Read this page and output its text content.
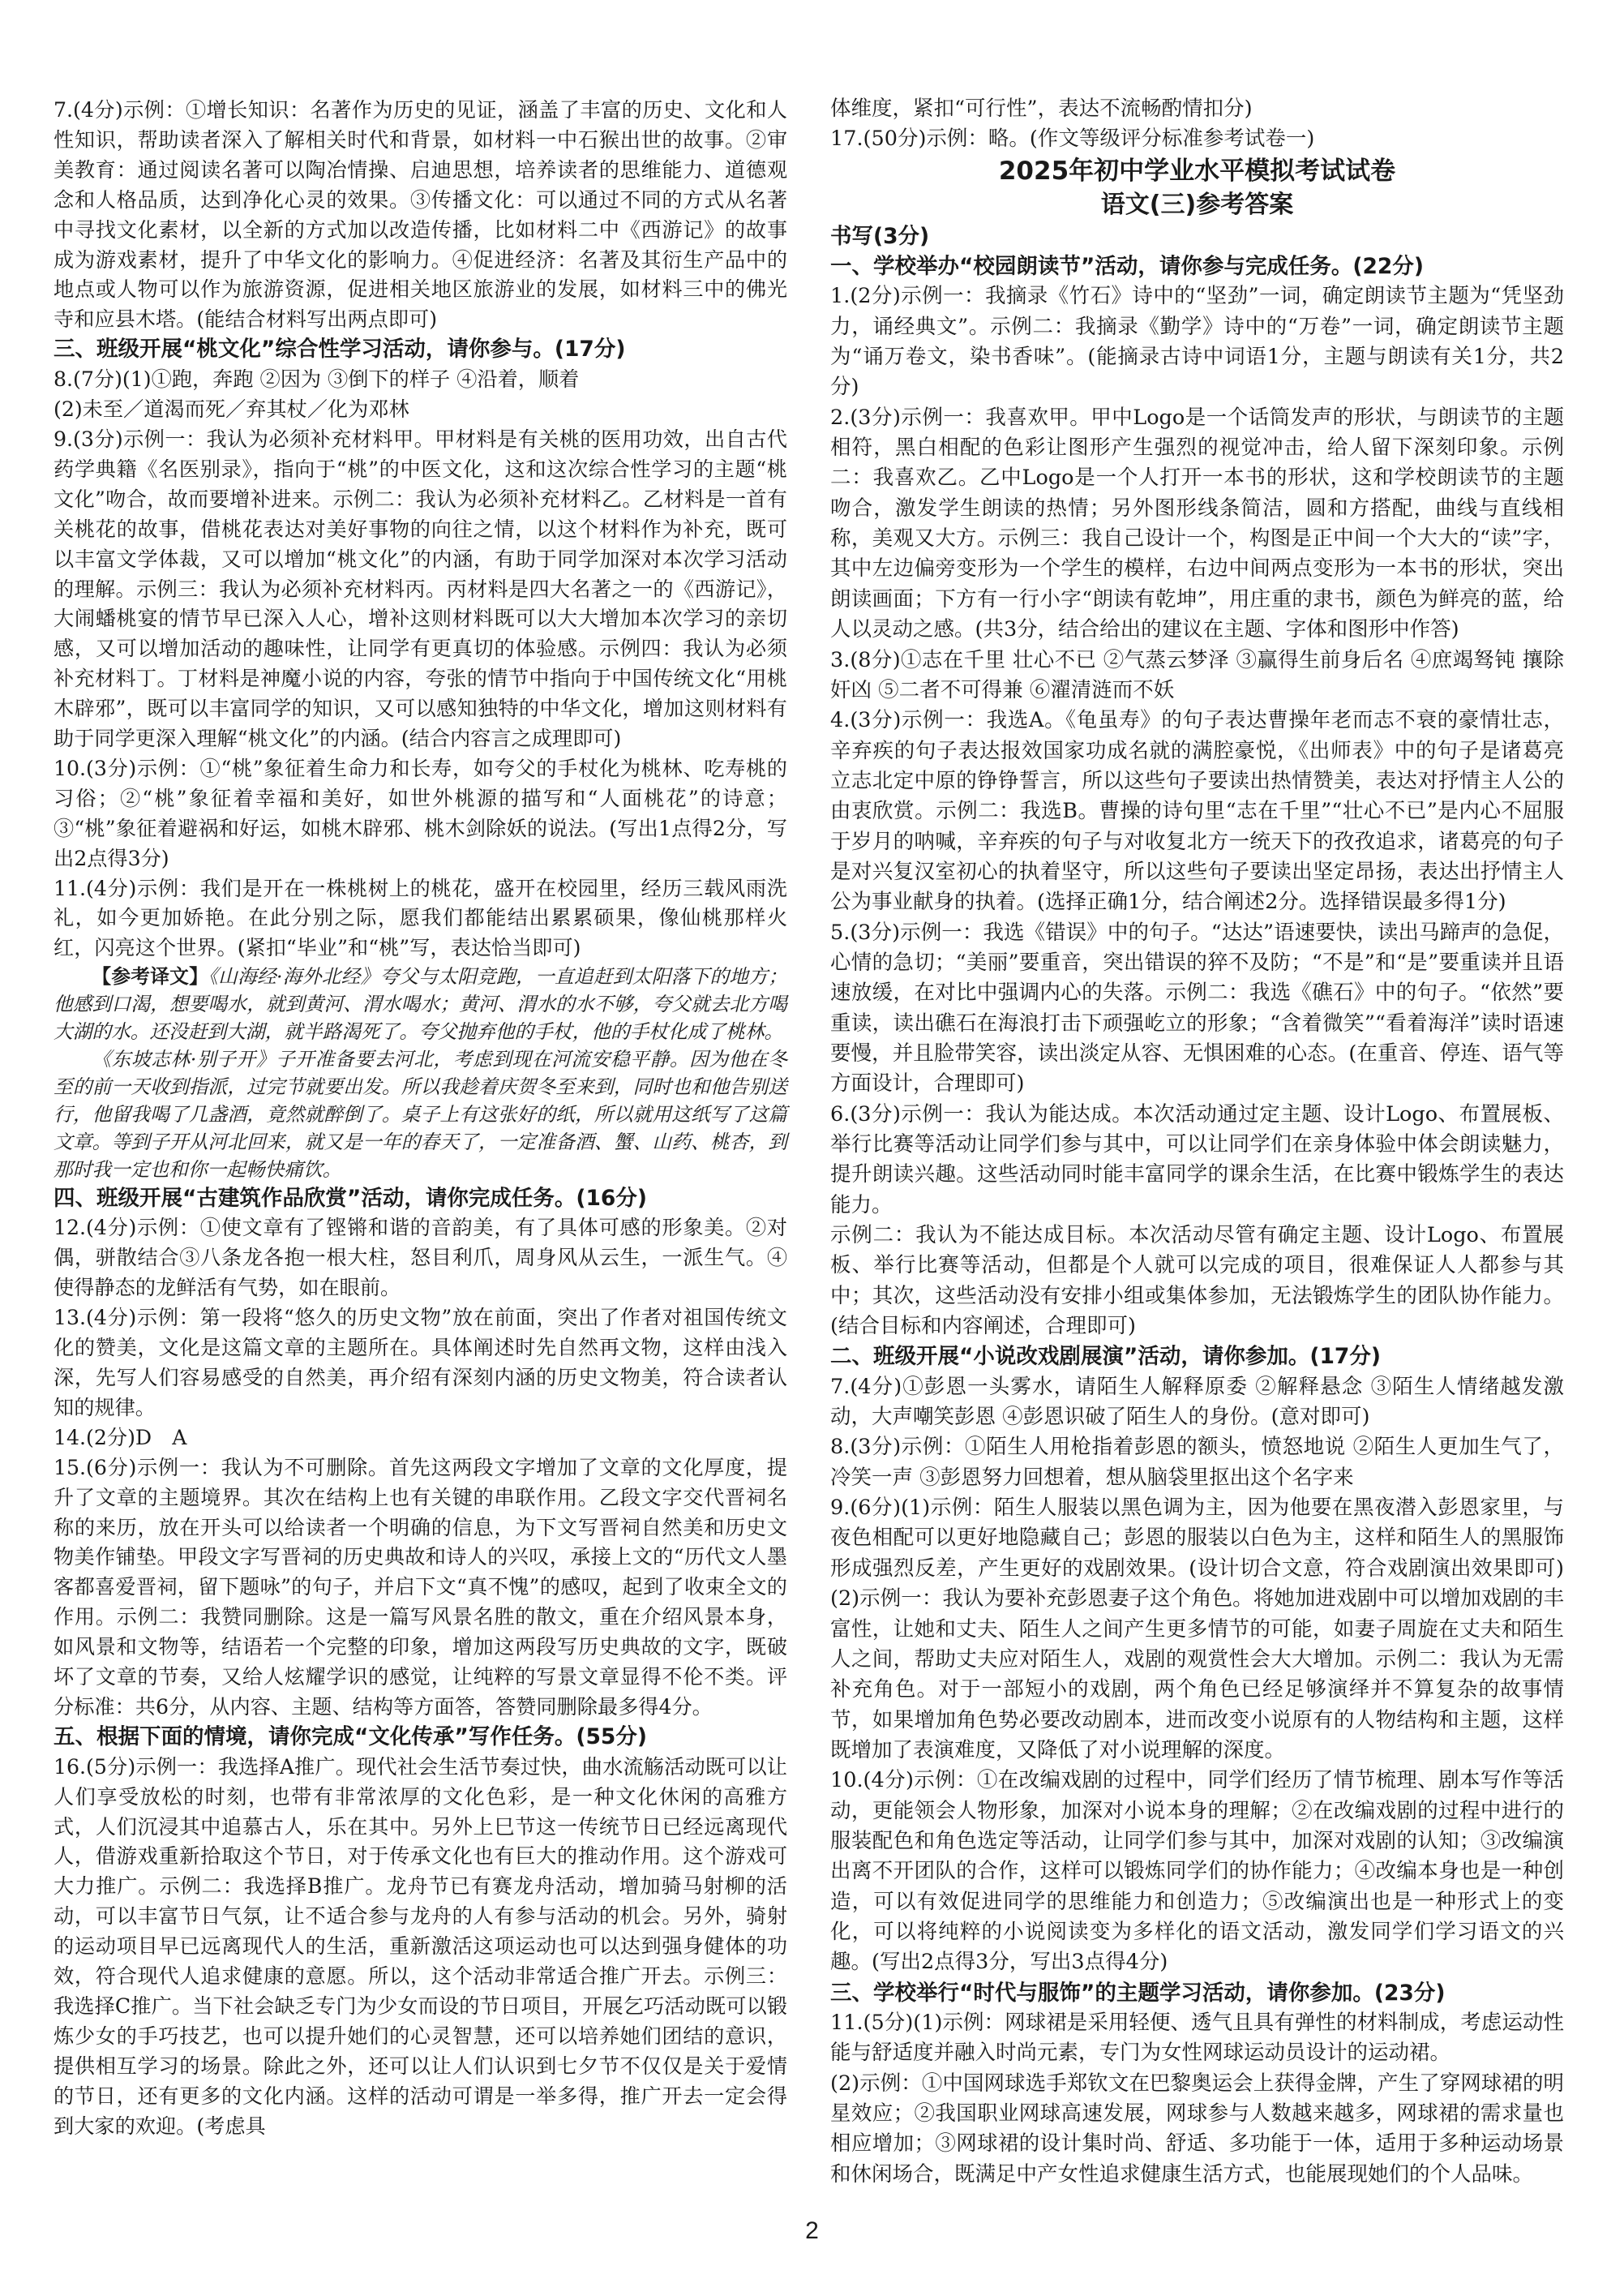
7.(4分)示例：①增长知识：名著作为历史的见证，涵盖了丰富的历史、文化和人性知识，帮助读者深入了解相关时代和背景，如材料一中石猴出世的故事。②审美教育：通过阅读名著可以陶冶情操、启迪思想，培养读者的思维能力、道德观念和人格品质，达到净化心灵的效果。③传播文化：可以通过不同的方式从名著中寻找文化素材，以全新的方式加以改造传播，比如材料二中《西游记》的故事成为游戏素材，提升了中华文化的影响力。④促进经济：名著及其衍生产品中的地点或人物可以作为旅游资源，促进相关地区旅游业的发展，如材料三中的佛光寺和应县木塔。(能结合材料写出两点即可)

三、班级开展“桃文化”综合性学习活动，请你参与。(17分)

8.(7分)(1)①跑，奔跑 ②因为 ③倒下的样子 ④沿着，顺着

(2)未至／道渴而死／弃其杖／化为邓林

9.(3分)示例一：我认为必须补充材料甲。甲材料是有关桃的医用功效，出自古代药学典籍《名医别录》，指向于“桃”的中医文化，这和这次综合性学习的主题“桃文化”吻合，故而要增补进来。示例二：我认为必须补充材料乙。乙材料是一首有关桃花的故事，借桃花表达对美好事物的向往之情，以这个材料作为补充，既可以丰富文学体裁，又可以增加“桃文化”的内涵，有助于同学加深对本次学习活动的理解。示例三：我认为必须补充材料丙。丙材料是四大名著之一的《西游记》，大闹蟠桃宴的情节早已深入人心，增补这则材料既可以大大增加本次学习的亲切感，又可以增加活动的趣味性，让同学有更真切的体验感。示例四：我认为必须补充材料丁。丁材料是神魔小说的内容，夸张的情节中指向于中国传统文化“用桃木辟邪”，既可以丰富同学的知识，又可以感知独特的中华文化，增加这则材料有助于同学更深入理解“桃文化”的内涵。(结合内容言之成理即可)

10.(3分)示例：①“桃”象征着生命力和长寿，如夸父的手杖化为桃林、吃寿桃的习俗；②“桃”象征着幸福和美好，如世外桃源的描写和“人面桃花”的诗意；③“桃”象征着避祸和好运，如桃木辟邪、桃木剑除妖的说法。(写出1点得2分，写出2点得3分)

11.(4分)示例：我们是开在一株桃树上的桃花，盛开在校园里，经历三载风雨洗礼，如今更加娇艳。在此分别之际，愿我们都能结出累累硕果，像仙桃那样火红，闪亮这个世界。(紧扣“毕业”和“桃”写，表达恰当即可)

【参考译文】《山海经·海外北经》夸父与太阳竞跑，一直追赶到太阳落下的地方；他感到口渴，想要喝水，就到黄河、渭水喝水；黄河、渭水的水不够，夸父就去北方喝大湖的水。还没赶到大湖，就半路渴死了。夸父抛弃他的手杖，他的手杖化成了桃林。

《东坡志林·别子开》子开准备要去河北，考虑到现在河流安稳平静。因为他在冬至的前一天收到指派，过完节就要出发。所以我趁着庆贺冬至来到，同时也和他告别送行，他留我喝了几盏酒，竟然就醉倒了。桌子上有这张好的纸，所以就用这纸写了这篇文章。等到子开从河北回来，就又是一年的春天了，一定准备酒、蟹、山药、桃杏，到那时我一定也和你一起畅快痛饮。

四、班级开展“古建筑作品欣赏”活动，请你完成任务。(16分)

12.(4分)示例：①使文章有了铿锵和谐的音韵美，有了具体可感的形象美。②对偶，骈散结合③八条龙各抱一根大柱，怒目利爪，周身风从云生，一派生气。④使得静态的龙鲜活有气势，如在眼前。

13.(4分)示例：第一段将“悠久的历史文物”放在前面，突出了作者对祖国传统文化的赞美，文化是这篇文章的主题所在。具体阐述时先自然再文物，这样由浅入深，先写人们容易感受的自然美，再介绍有深刻内涵的历史文物美，符合读者认知的规律。

14.(2分)D　A

15.(6分)示例一：我认为不可删除。首先这两段文字增加了文章的文化厚度，提升了文章的主题境界。其次在结构上也有关键的串联作用。乙段文字交代晋祠名称的来历，放在开头可以给读者一个明确的信息，为下文写晋祠自然美和历史文物美作铺垫。甲段文字写晋祠的历史典故和诗人的兴叹，承接上文的“历代文人墨客都喜爱晋祠，留下题咏”的句子，并启下文“真不愧”的感叹，起到了收束全文的作用。示例二：我赞同删除。这是一篇写风景名胜的散文，重在介绍风景本身，如风景和文物等，结语若一个完整的印象，增加这两段写历史典故的文字，既破坏了文章的节奏，又给人炫耀学识的感觉，让纯粹的写景文章显得不伦不类。评分标准：共6分，从内容、主题、结构等方面答，答赞同删除最多得4分。

五、根据下面的情境，请你完成“文化传承”写作任务。(55分)

16.(5分)示例一：我选择A推广。现代社会生活节奏过快，曲水流觞活动既可以让人们享受放松的时刻，也带有非常浓厚的文化色彩，是一种文化休闲的高雅方式，人们沉浸其中追慕古人，乐在其中。另外上巳节这一传统节日已经远离现代人，借游戏重新拾取这个节日，对于传承文化也有巨大的推动作用。这个游戏可大力推广。示例二：我选择B推广。龙舟节已有赛龙舟活动，增加骑马射柳的活动，可以丰富节日气氛，让不适合参与龙舟的人有参与活动的机会。另外，骑射的运动项目早已远离现代人的生活，重新激活这项运动也可以达到强身健体的功效，符合现代人追求健康的意愿。所以，这个活动非常适合推广开去。示例三：我选择C推广。当下社会缺乏专门为少女而设的节日项目，开展乞巧活动既可以锻炼少女的手巧技艺，也可以提升她们的心灵智慧，还可以培养她们团结的意识，提供相互学习的场景。除此之外，还可以让人们认识到七夕节不仅仅是关于爱情的节日，还有更多的文化内涵。这样的活动可谓是一举多得，推广开去一定会得到大家的欢迎。(考虑具

体维度，紧扣“可行性”，表达不流畅酌情扣分)

17.(50分)示例：略。(作文等级评分标准参考试卷一)

2025年初中学业水平模拟考试试卷

语文(三)参考答案

书写(3分)

一、学校举办“校园朗读节”活动，请你参与完成任务。(22分)

1.(2分)示例一：我摘录《竹石》诗中的“坚劲”一词，确定朗读节主题为“凭坚劲力，诵经典文”。示例二：我摘录《勤学》诗中的“万卷”一词，确定朗读节主题为“诵万卷文，染书香味”。(能摘录古诗中词语1分，主题与朗读有关1分，共2分)

2.(3分)示例一：我喜欢甲。甲中Logo是一个话筒发声的形状，与朗读节的主题相符，黑白相配的色彩让图形产生强烈的视觉冲击，给人留下深刻印象。示例二：我喜欢乙。乙中Logo是一个人打开一本书的形状，这和学校朗读节的主题吻合，激发学生朗读的热情；另外图形线条简洁，圆和方搭配，曲线与直线相称，美观又大方。示例三：我自己设计一个，构图是正中间一个大大的“读”字，其中左边偏旁变形为一个学生的模样，右边中间两点变形为一本书的形状，突出朗读画面；下方有一行小字“朗读有乾坤”，用庄重的隶书，颜色为鲜亮的蓝，给人以灵动之感。(共3分，结合给出的建议在主题、字体和图形中作答)

3.(8分)①志在千里 壮心不已 ②气蒸云梦泽 ③赢得生前身后名 ④庶竭驽钝 攘除奸凶 ⑤二者不可得兼 ⑥濯清涟而不妖

4.(3分)示例一：我选A。《龟虽寿》的句子表达曹操年老而志不衰的豪情壮志，辛弃疾的句子表达报效国家功成名就的满腔豪悦，《出师表》中的句子是诸葛亮立志北定中原的铮铮誓言，所以这些句子要读出热情赞美，表达对抒情主人公的由衷欣赏。示例二：我选B。曹操的诗句里“志在千里”“壮心不已”是内心不屈服于岁月的呐喊，辛弃疾的句子与对收复北方一统天下的孜孜追求，诸葛亮的句子是对兴复汉室初心的执着坚守，所以这些句子要读出坚定昂扬，表达出抒情主人公为事业献身的执着。(选择正确1分，结合阐述2分。选择错误最多得1分)

5.(3分)示例一：我选《错误》中的句子。“达达”语速要快，读出马蹄声的急促，心情的急切；“美丽”要重音，突出错误的猝不及防；“不是”和“是”要重读并且语速放缓，在对比中强调内心的失落。示例二：我选《礁石》中的句子。“依然”要重读，读出礁石在海浪打击下顽强屹立的形象；“含着微笑”“看着海洋”读时语速要慢，并且脸带笑容，读出淡定从容、无惧困难的心态。(在重音、停连、语气等方面设计，合理即可)

6.(3分)示例一：我认为能达成。本次活动通过定主题、设计Logo、布置展板、举行比赛等活动让同学们参与其中，可以让同学们在亲身体验中体会朗读魅力，提升朗读兴趣。这些活动同时能丰富同学的课余生活，在比赛中锻炼学生的表达能力。

示例二：我认为不能达成目标。本次活动尽管有确定主题、设计Logo、布置展板、举行比赛等活动，但都是个人就可以完成的项目，很难保证人人都参与其中；其次，这些活动没有安排小组或集体参加，无法锻炼学生的团队协作能力。(结合目标和内容阐述，合理即可)

二、班级开展“小说改戏剧展演”活动，请你参加。(17分)

7.(4分)①彭恩一头雾水，请陌生人解释原委 ②解释悬念 ③陌生人情绪越发激动，大声嘲笑彭恩 ④彭恩识破了陌生人的身份。(意对即可)

8.(3分)示例：①陌生人用枪指着彭恩的额头，愤怒地说 ②陌生人更加生气了，冷笑一声 ③彭恩努力回想着，想从脑袋里抠出这个名字来

9.(6分)(1)示例：陌生人服装以黑色调为主，因为他要在黑夜潜入彭恩家里，与夜色相配可以更好地隐藏自己；彭恩的服装以白色为主，这样和陌生人的黑服饰形成强烈反差，产生更好的戏剧效果。(设计切合文意，符合戏剧演出效果即可)(2)示例一：我认为要补充彭恩妻子这个角色。将她加进戏剧中可以增加戏剧的丰富性，让她和丈夫、陌生人之间产生更多情节的可能，如妻子周旋在丈夫和陌生人之间，帮助丈夫应对陌生人，戏剧的观赏性会大大增加。示例二：我认为无需补充角色。对于一部短小的戏剧，两个角色已经足够演绎并不算复杂的故事情节，如果增加角色势必要改动剧本，进而改变小说原有的人物结构和主题，这样既增加了表演难度，又降低了对小说理解的深度。

10.(4分)示例：①在改编戏剧的过程中，同学们经历了情节梳理、剧本写作等活动，更能领会人物形象，加深对小说本身的理解；②在改编戏剧的过程中进行的服装配色和角色选定等活动，让同学们参与其中，加深对戏剧的认知；③改编演出离不开团队的合作，这样可以锻炼同学们的协作能力；④改编本身也是一种创造，可以有效促进同学的思维能力和创造力；⑤改编演出也是一种形式上的变化，可以将纯粹的小说阅读变为多样化的语文活动，激发同学们学习语文的兴趣。(写出2点得3分，写出3点得4分)

三、学校举行“时代与服饰”的主题学习活动，请你参加。(23分)

11.(5分)(1)示例：网球裙是采用轻便、透气且具有弹性的材料制成，考虑运动性能与舒适度并融入时尚元素，专门为女性网球运动员设计的运动裙。

(2)示例：①中国网球选手郑钦文在巴黎奥运会上获得金牌，产生了穿网球裙的明星效应；②我国职业网球高速发展，网球参与人数越来越多，网球裙的需求量也相应增加；③网球裙的设计集时尚、舒适、多功能于一体，适用于多种运动场景和休闲场合，既满足中产女性追求健康生活方式，也能展现她们的个人品味。

2
